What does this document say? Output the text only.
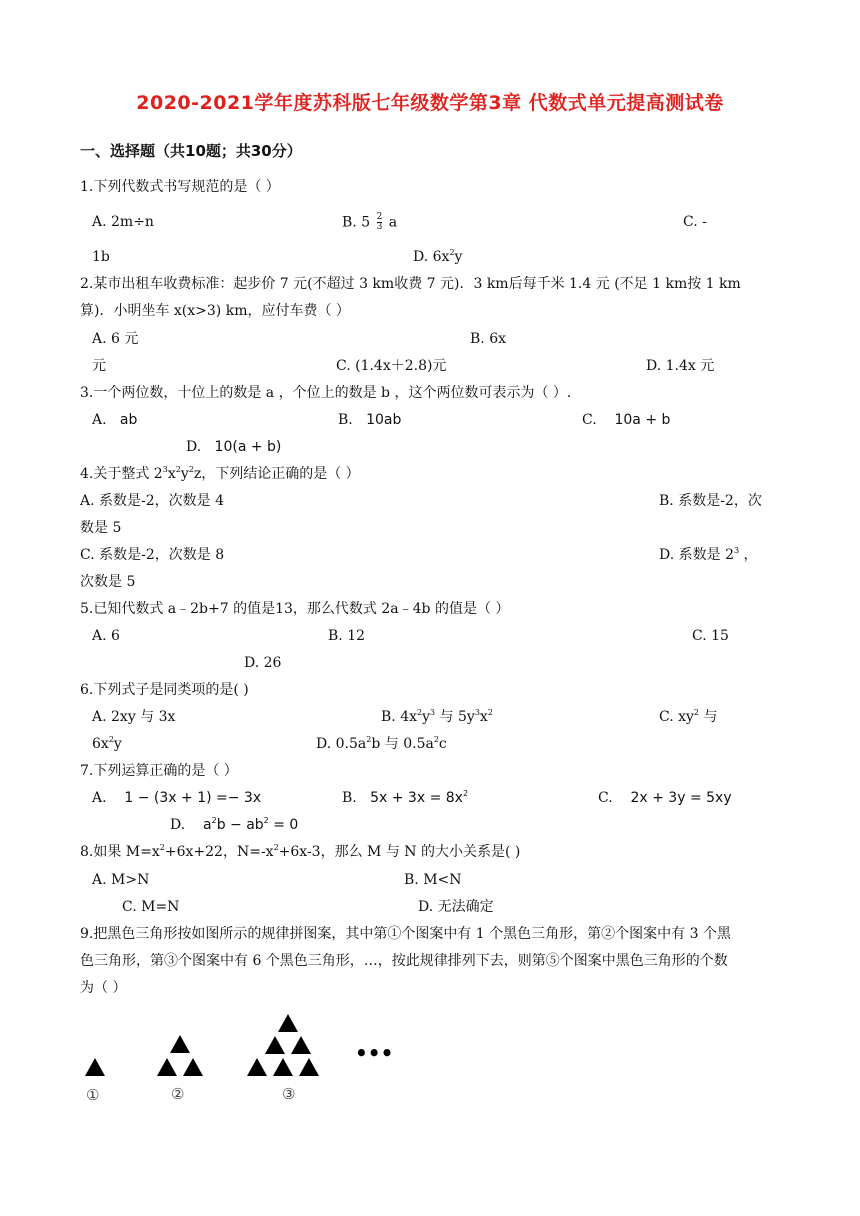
2020-2021学年度苏科版七年级数学第3章 代数式单元提高测试卷
一、选择题（共10题；共30分）
1.下列代数式书写规范的是（ ）
A. 2m÷n	B. $5 \frac{2}{3}$ a	C. -
1b	D. $6x^2y$
2.某市出租车收费标准：起步价 7 元(不超过 3 km收费 7 元)．3 km后每千米 1.4 元 (不足 1 km按 1 km
算)．小明坐车 x(x>3) km，应付车费（ ）
A. 6 元	B. 6x
元	C. (1.4x＋2.8)元	D. 1.4x 元
3.一个两位数，十位上的数是 a ，个位上的数是 b ，这个两位数可表示为（ ）.
A. ab	B. 10ab	C. 10a + b
D. 10(a + b)
4.关于整式 $2^3x^2y^2z$，下列结论正确的是（ ）
A. 系数是-2，次数是 4	B. 系数是-2，次
数是 5
C. 系数是-2，次数是 8	D. 系数是 $2^3$ ，
次数是 5
5.已知代数式 a﹣2b+7 的值是13，那么代数式 2a﹣4b 的值是（ ）
A. 6	B. 12	C. 15
D. 26
6.下列式子是同类项的是( )
A. 2xy 与 3x	B. $4x^2y^3$ 与 $5y^3x^2$	C. $xy^2$ 与
$6x^2y$	D. $0.5a^2b$ 与 $0.5a^2c$
7.下列运算正确的是（ ）
A. 1 − (3x + 1) =− 3x	B. $5x + 3x = 8x^2$	C. 2x + 3y = 5xy
D. $a^2b - ab^2 = 0$
8.如果 $M=x^2+6x+22$，$N=-x^2+6x-3$，那么 M 与 N 的大小关系是( )
A. M>N	B. M<N
C. M=N	D. 无法确定
9.把黑色三角形按如图所示的规律拼图案，其中第①个图案中有 1 个黑色三角形，第②个图案中有 3 个黑
色三角形，第③个图案中有 6 个黑色三角形，…，按此规律排列下去，则第⑤个图案中黑色三角形的个数
为（ ）
•••
①	②	③
